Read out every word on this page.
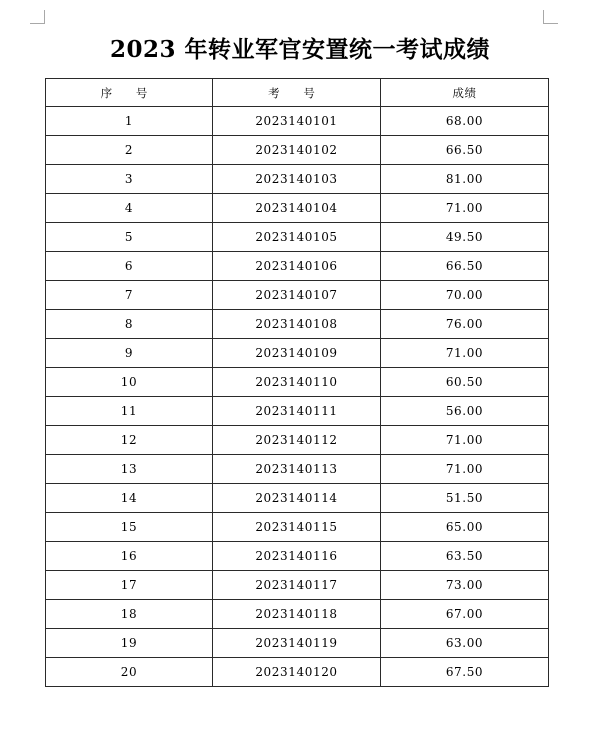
2023 年转业军官安置统一考试成绩
序 号	考 号	成绩
1	2023140101	68.00
2	2023140102	66.50
3	2023140103	81.00
4	2023140104	71.00
5	2023140105	49.50
6	2023140106	66.50
7	2023140107	70.00
8	2023140108	76.00
9	2023140109	71.00
10	2023140110	60.50
11	2023140111	56.00
12	2023140112	71.00
13	2023140113	71.00
14	2023140114	51.50
15	2023140115	65.00
16	2023140116	63.50
17	2023140117	73.00
18	2023140118	67.00
19	2023140119	63.00
20	2023140120	67.50
